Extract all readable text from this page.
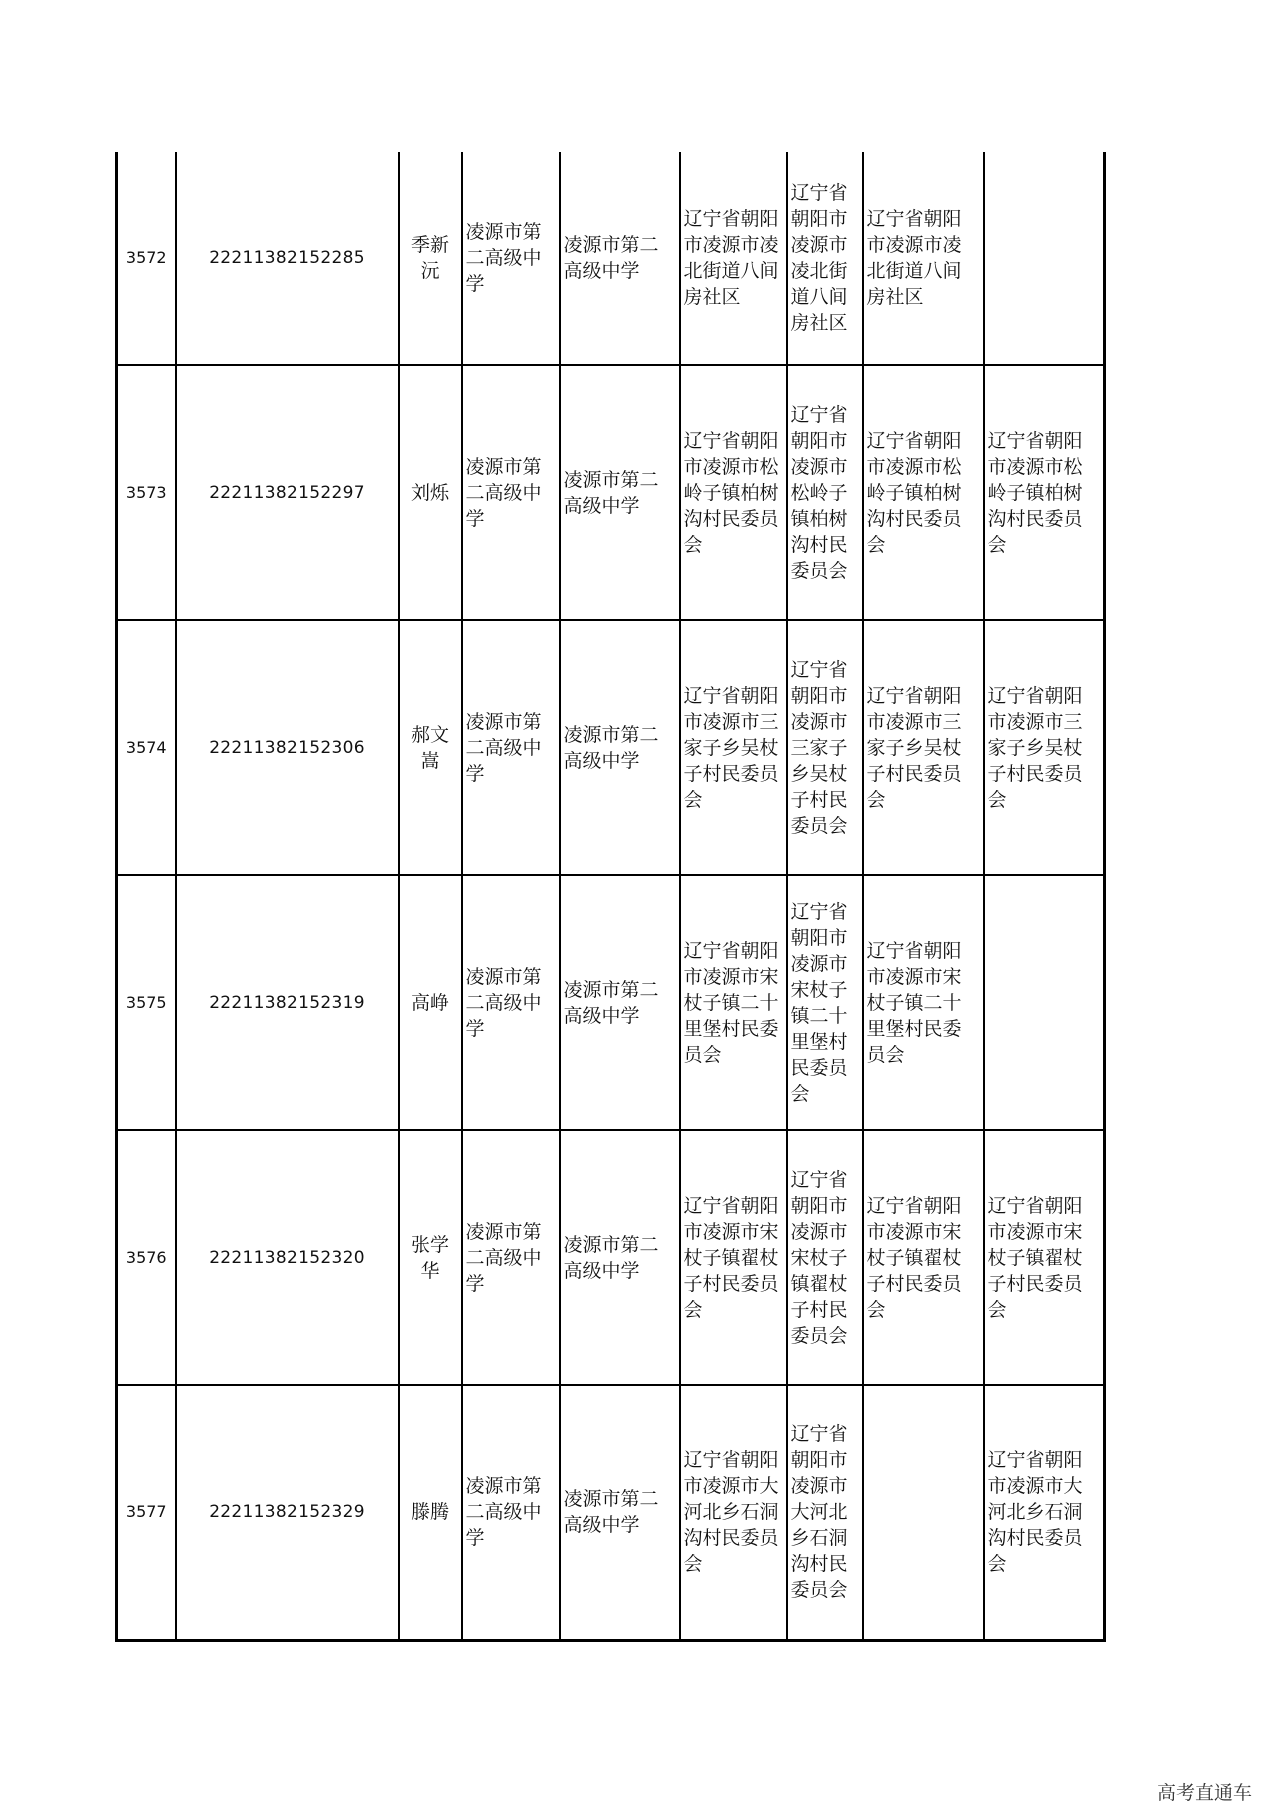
3572	22211382152285	季新沅	凌源市第二高级中学	凌源市第二高级中学	辽宁省朝阳市凌源市凌北街道八间房社区	辽宁省朝阳市凌源市凌北街道八间房社区	辽宁省朝阳市凌源市凌北街道八间房社区	
3573	22211382152297	刘烁	凌源市第二高级中学	凌源市第二高级中学	辽宁省朝阳市凌源市松岭子镇柏树沟村民委员会	辽宁省朝阳市凌源市松岭子镇柏树沟村民委员会	辽宁省朝阳市凌源市松岭子镇柏树沟村民委员会	辽宁省朝阳市凌源市松岭子镇柏树沟村民委员会
3574	22211382152306	郝文嵩	凌源市第二高级中学	凌源市第二高级中学	辽宁省朝阳市凌源市三家子乡吴杖子村民委员会	辽宁省朝阳市凌源市三家子乡吴杖子村民委员会	辽宁省朝阳市凌源市三家子乡吴杖子村民委员会	辽宁省朝阳市凌源市三家子乡吴杖子村民委员会
3575	22211382152319	高峥	凌源市第二高级中学	凌源市第二高级中学	辽宁省朝阳市凌源市宋杖子镇二十里堡村民委员会	辽宁省朝阳市凌源市宋杖子镇二十里堡村民委员会	辽宁省朝阳市凌源市宋杖子镇二十里堡村民委员会	
3576	22211382152320	张学华	凌源市第二高级中学	凌源市第二高级中学	辽宁省朝阳市凌源市宋杖子镇翟杖子村民委员会	辽宁省朝阳市凌源市宋杖子镇翟杖子村民委员会	辽宁省朝阳市凌源市宋杖子镇翟杖子村民委员会	辽宁省朝阳市凌源市宋杖子镇翟杖子村民委员会
3577	22211382152329	滕腾	凌源市第二高级中学	凌源市第二高级中学	辽宁省朝阳市凌源市大河北乡石洞沟村民委员会	辽宁省朝阳市凌源市大河北乡石洞沟村民委员会		辽宁省朝阳市凌源市大河北乡石洞沟村民委员会
高考直通车
